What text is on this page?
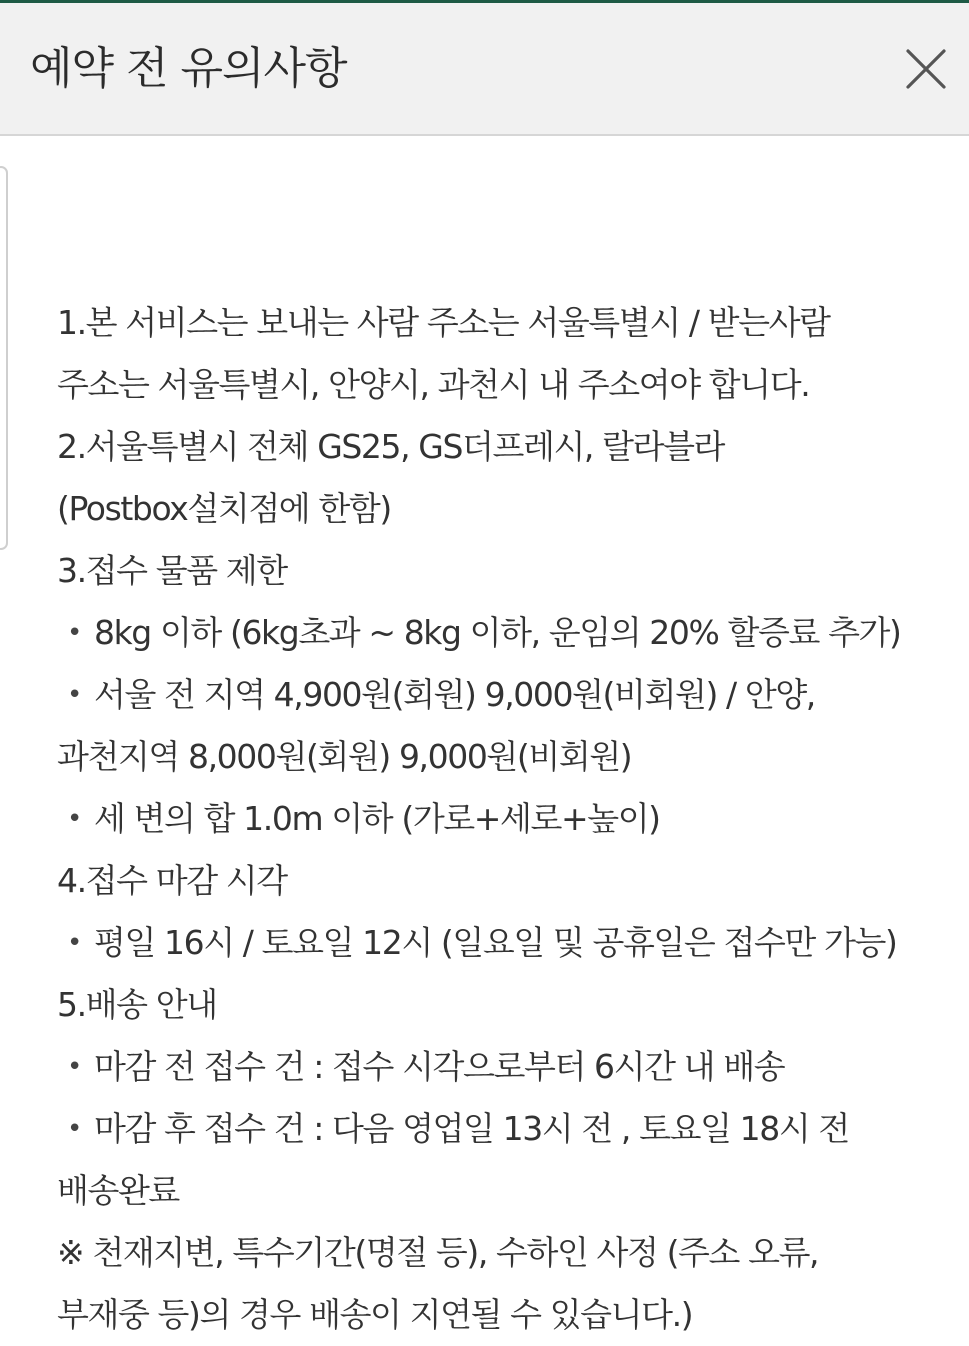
예약 전 유의사항
1.본 서비스는 보내는 사람 주소는 서울특별시 / 받는사람
주소는 서울특별시, 안양시, 과천시 내 주소여야 합니다.
2.서울특별시 전체 GS25, GS더프레시, 랄라블라
(Postbox설치점에 한함)
3.접수 물품 제한
• 8kg 이하 (6kg초과 ~ 8kg 이하, 운임의 20% 할증료 추가)
• 서울 전 지역 4,900원(회원) 9,000원(비회원) / 안양,
과천지역 8,000원(회원) 9,000원(비회원)
• 세 변의 합 1.0m 이하 (가로+세로+높이)
4.접수 마감 시각
• 평일 16시 / 토요일 12시 (일요일 및 공휴일은 접수만 가능)
5.배송 안내
• 마감 전 접수 건 : 접수 시각으로부터 6시간 내 배송
• 마감 후 접수 건 : 다음 영업일 13시 전 , 토요일 18시 전
배송완료
※ 천재지변, 특수기간(명절 등), 수하인 사정 (주소 오류,
부재중 등)의 경우 배송이 지연될 수 있습니다.)
